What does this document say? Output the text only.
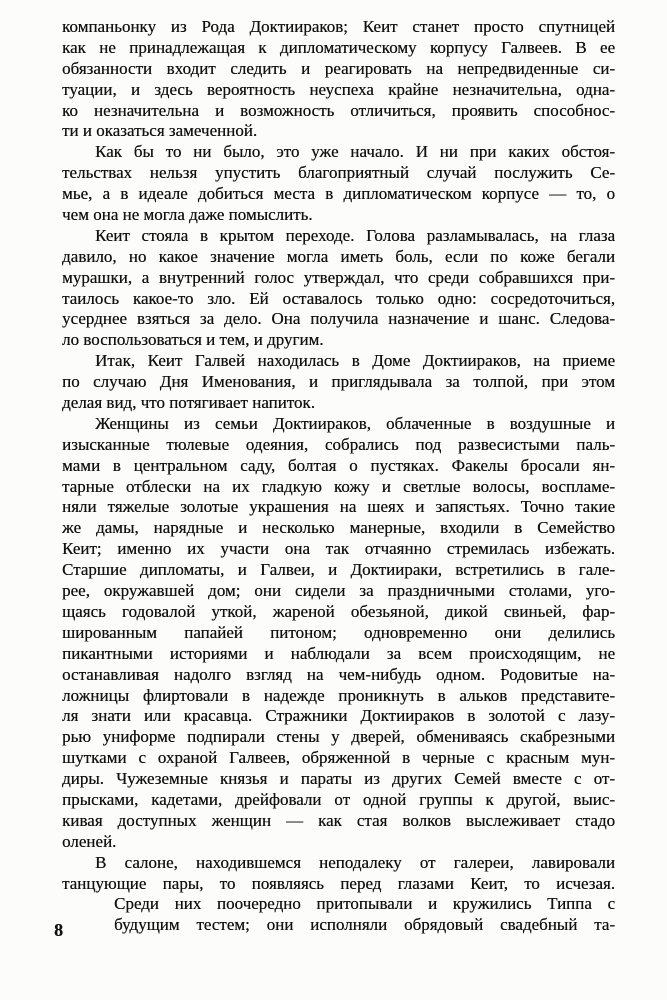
компаньонку из Рода Доктиираков; Кеит станет просто спутницей
как не принадлежащая к дипломатическому корпусу Галвеев. В ее
обязанности входит следить и реагировать на непредвиденные си-
туации, и здесь вероятность неуспеха крайне незначительна, одна-
ко незначительна и возможность отличиться, проявить способнос-
ти и оказаться замеченной.
Как бы то ни было, это уже начало. И ни при каких обстоя-
тельствах нельзя упустить благоприятный случай послужить Се-
мье, а в идеале добиться места в дипломатическом корпусе — то, о
чем она не могла даже помыслить.
Кеит стояла в крытом переходе. Голова разламывалась, на глаза
давило, но какое значение могла иметь боль, если по коже бегали
мурашки, а внутренний голос утверждал, что среди собравшихся при-
таилось какое-то зло. Ей оставалось только одно: сосредоточиться,
усерднее взяться за дело. Она получила назначение и шанс. Следова-
ло воспользоваться и тем, и другим.
Итак, Кеит Галвей находилась в Доме Доктиираков, на приеме
по случаю Дня Именования, и приглядывала за толпой, при этом
делая вид, что потягивает напиток.
Женщины из семьи Доктиираков, облаченные в воздушные и
изысканные тюлевые одеяния, собрались под развесистыми паль-
мами в центральном саду, болтая о пустяках. Факелы бросали ян-
тарные отблески на их гладкую кожу и светлые волосы, воспламе-
няли тяжелые золотые украшения на шеях и запястьях. Точно такие
же дамы, нарядные и несколько манерные, входили в Семейство
Кеит; именно их участи она так отчаянно стремилась избежать.
Старшие дипломаты, и Галвеи, и Доктиираки, встретились в гале-
рее, окружавшей дом; они сидели за праздничными столами, уго-
щаясь годовалой уткой, жареной обезьяной, дикой свиньей, фар-
шированным папайей питоном; одновременно они делились
пикантными историями и наблюдали за всем происходящим, не
останавливая надолго взгляд на чем-нибудь одном. Родовитые на-
ложницы флиртовали в надежде проникнуть в альков представите-
ля знати или красавца. Стражники Доктиираков в золотой с лазу-
рью униформе подпирали стены у дверей, обмениваясь скабрезными
шутками с охраной Галвеев, обряженной в черные с красным мун-
диры. Чужеземные князья и параты из других Семей вместе с от-
прысками, кадетами, дрейфовали от одной группы к другой, выис-
кивая доступных женщин — как стая волков выслеживает стадо
оленей.
В салоне, находившемся неподалеку от галереи, лавировали
танцующие пары, то появляясь перед глазами Кеит, то исчезая.
Среди них поочередно притопывали и кружились Типпа с
будущим тестем; они исполняли обрядовый свадебный та-
8
